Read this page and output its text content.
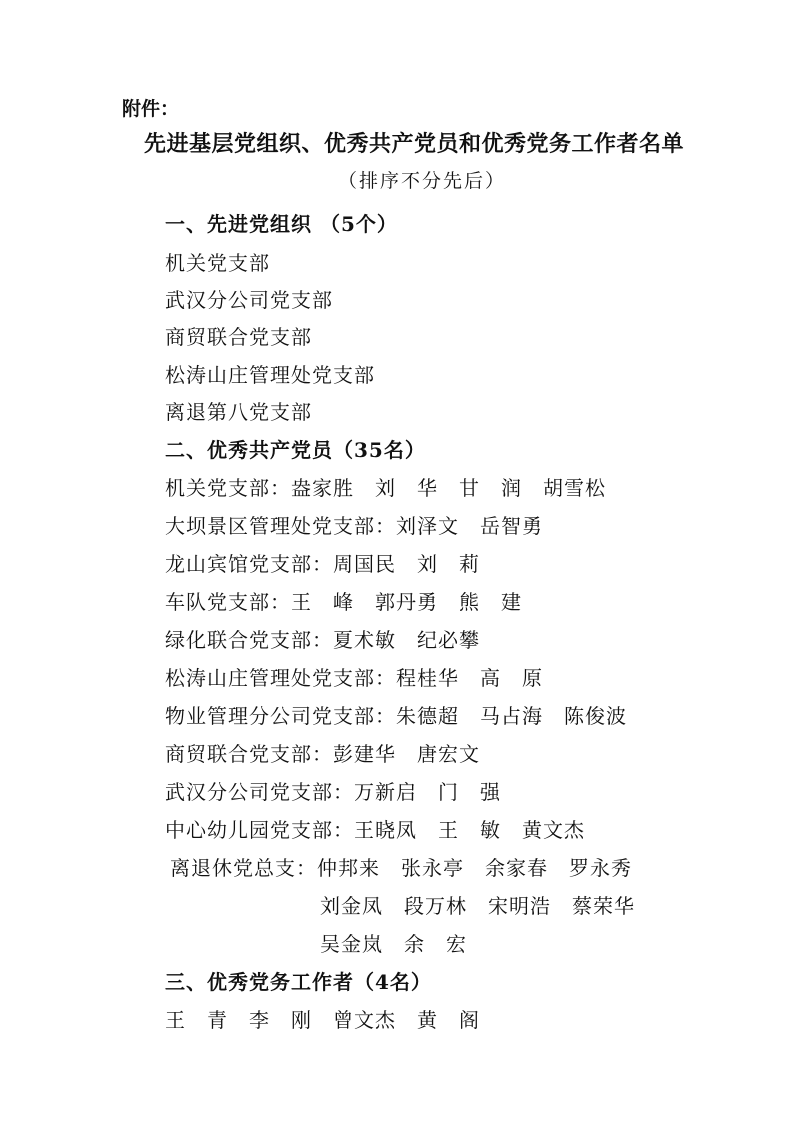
附件：
先进基层党组织、优秀共产党员和优秀党务工作者名单
（排序不分先后）
一、先进党组织 （5个）
机关党支部
武汉分公司党支部
商贸联合党支部
松涛山庄管理处党支部
离退第八党支部
二、优秀共产党员（35名）
机关党支部：盎家胜　刘　华　甘　润　胡雪松
大坝景区管理处党支部：刘泽文　岳智勇
龙山宾馆党支部：周国民　刘　莉
车队党支部：王　峰　郭丹勇　熊　建
绿化联合党支部：夏术敏　纪必攀
松涛山庄管理处党支部：程桂华　高　原
物业管理分公司党支部：朱德超　马占海　陈俊波
商贸联合党支部：彭建华　唐宏文
武汉分公司党支部：万新启　门　强
中心幼儿园党支部：王晓凤　王　敏　黄文杰
离退休党总支：仲邦来　张永亭　余家春　罗永秀
刘金凤　段万林　宋明浩　蔡荣华
吴金岚　余　宏
三、优秀党务工作者（4名）
王　青　李　刚　曾文杰　黄　阁
